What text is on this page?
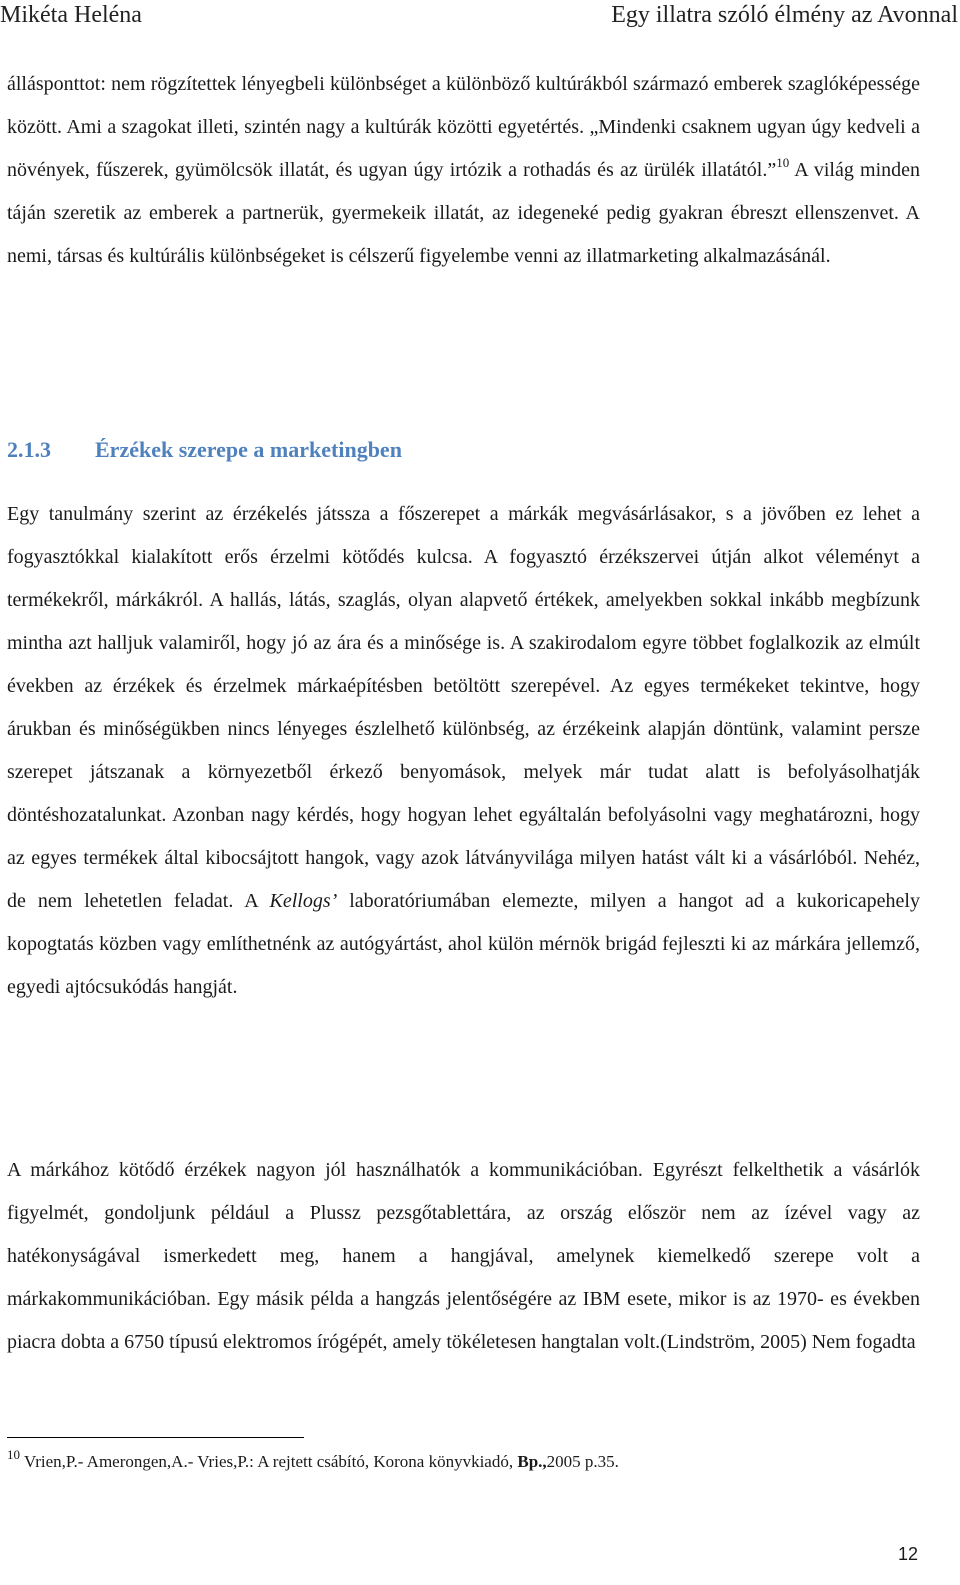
Mikéta Heléna	Egy illatra szóló élmény az Avonnal
állásponttot: nem rögzítettek lényegbeli különbséget a különböző kultúrákból származó emberek szaglóképessége között. Ami a szagokat illeti, szintén nagy a kultúrák közötti egyetértés. „Mindenki csaknem ugyan úgy kedveli a növények, fűszerek, gyümölcsök illatát, és ugyan úgy irtózik a rothadás és az ürülék illatától.”$^{10}$ A világ minden táján szeretik az emberek a partnerük, gyermekeik illatát, az idegeneké pedig gyakran ébreszt ellenszenvet. A nemi, társas és kultúrális különbségeket is célszerű figyelembe venni az illatmarketing alkalmazásánál.
2.1.3 Érzékek szerepe a marketingben
Egy tanulmány szerint az érzékelés játssza a főszerepet a márkák megvásárlásakor, s a jövőben ez lehet a fogyasztókkal kialakított erős érzelmi kötődés kulcsa. A fogyasztó érzékszervei útján alkot véleményt a termékekről, márkákról. A hallás, látás, szaglás, olyan alapvető értékek, amelyekben sokkal inkább megbízunk mintha azt halljuk valamiről, hogy jó az ára és a minősége is. A szakirodalom egyre többet foglalkozik az elmúlt években az érzékek és érzelmek márkaépítésben betöltött szerepével. Az egyes termékeket tekintve, hogy árukban és minőségükben nincs lényeges észlelhető különbség, az érzékeink alapján döntünk, valamint persze szerepet játszanak a környezetből érkező benyomások, melyek már tudat alatt is befolyásolhatják döntéshozatalunkat. Azonban nagy kérdés, hogy hogyan lehet egyáltalán befolyásolni vagy meghatározni, hogy az egyes termékek által kibocsájtott hangok, vagy azok látványvilága milyen hatást vált ki a vásárlóból. Nehéz, de nem lehetetlen feladat. A Kellogs’ laboratóriumában elemezte, milyen a hangot ad a kukoricapehely kopogtatás közben vagy említhetnénk az autógyártást, ahol külön mérnök brigád fejleszti ki az márkára jellemző, egyedi ajtócsukódás hangját.
A márkához kötődő érzékek nagyon jól használhatók a kommunikációban. Egyrészt felkelthetik a vásárlók figyelmét, gondoljunk például a Plussz pezsgőtablettára, az ország először nem az ízével vagy az hatékonyságával ismerkedett meg, hanem a hangjával, amelynek kiemelkedő szerepe volt a márkakommunikációban. Egy másik példa a hangzás jelentőségére az IBM esete, mikor is az 1970- es években piacra dobta a 6750 típusú elektromos írógépét, amely tökéletesen hangtalan volt.(Lindström, 2005) Nem fogadta
$^{10}$ Vrien,P.- Amerongen,A.- Vries,P.: A rejtett csábító, Korona könyvkiadó, Bp.,2005 p.35.
12
